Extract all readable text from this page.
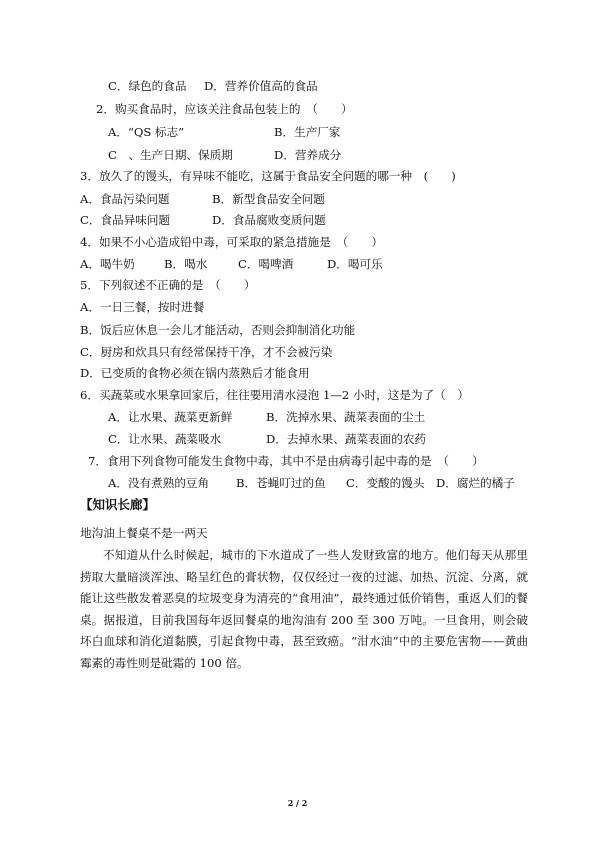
C．绿色的食品 D．营养价值高的食品
2．购买食品时，应该关注食品包装上的　（　　）
A．“QS 标志”	B．生产厂家
C　、生产日期、保质期	D．营养成分
3．放久了的馒头，有异味不能吃，这属于食品安全问题的哪一种　(　　)
A．食品污染问题	B．新型食品安全问题
C．食品异味问题	D．食品腐败变质问题
4．如果不小心造成铅中毒，可采取的紧急措施是　（　　）
A．喝牛奶	B．喝水	C．喝啤酒	D．喝可乐
5．下列叙述不正确的是　（　　）
A．一日三餐，按时进餐
B．饭后应休息一会儿才能活动，否则会抑制消化功能
C．厨房和炊具只有经常保持干净，才不会被污染
D．已变质的食物必须在锅内蒸熟后才能食用
6．买蔬菜或水果拿回家后，往往要用清水浸泡 1—2 小时，这是为了（　）
A．让水果、蔬菜更新鲜	B．洗掉水果、蔬菜表面的尘土
C．让水果、蔬菜吸水	D．去掉水果、蔬菜表面的农药
7．食用下列食物可能发生食物中毒，其中不是由病毒引起中毒的是　（　　）
A．没有煮熟的豆角 B．苍蝇叮过的鱼 C．变酸的馒头 D．腐烂的橘子
【知识长廊】
地沟油上餐桌不是一两天
不知道从什么时候起，城市的下水道成了一些人发财致富的地方。他们每天从那里捞取大量暗淡浑浊、略呈红色的膏状物，仅仅经过一夜的过滤、加热、沉淀、分离，就能让这些散发着恶臭的垃圾变身为清亮的“食用油”，最终通过低价销售，重返人们的餐桌。据报道，目前我国每年返回餐桌的地沟油有 200 至 300 万吨。一旦食用，则会破坏白血球和消化道黏膜，引起食物中毒，甚至致癌。“泔水油”中的主要危害物——黄曲霉素的毒性则是砒霜的 100 倍。
2 / 2
